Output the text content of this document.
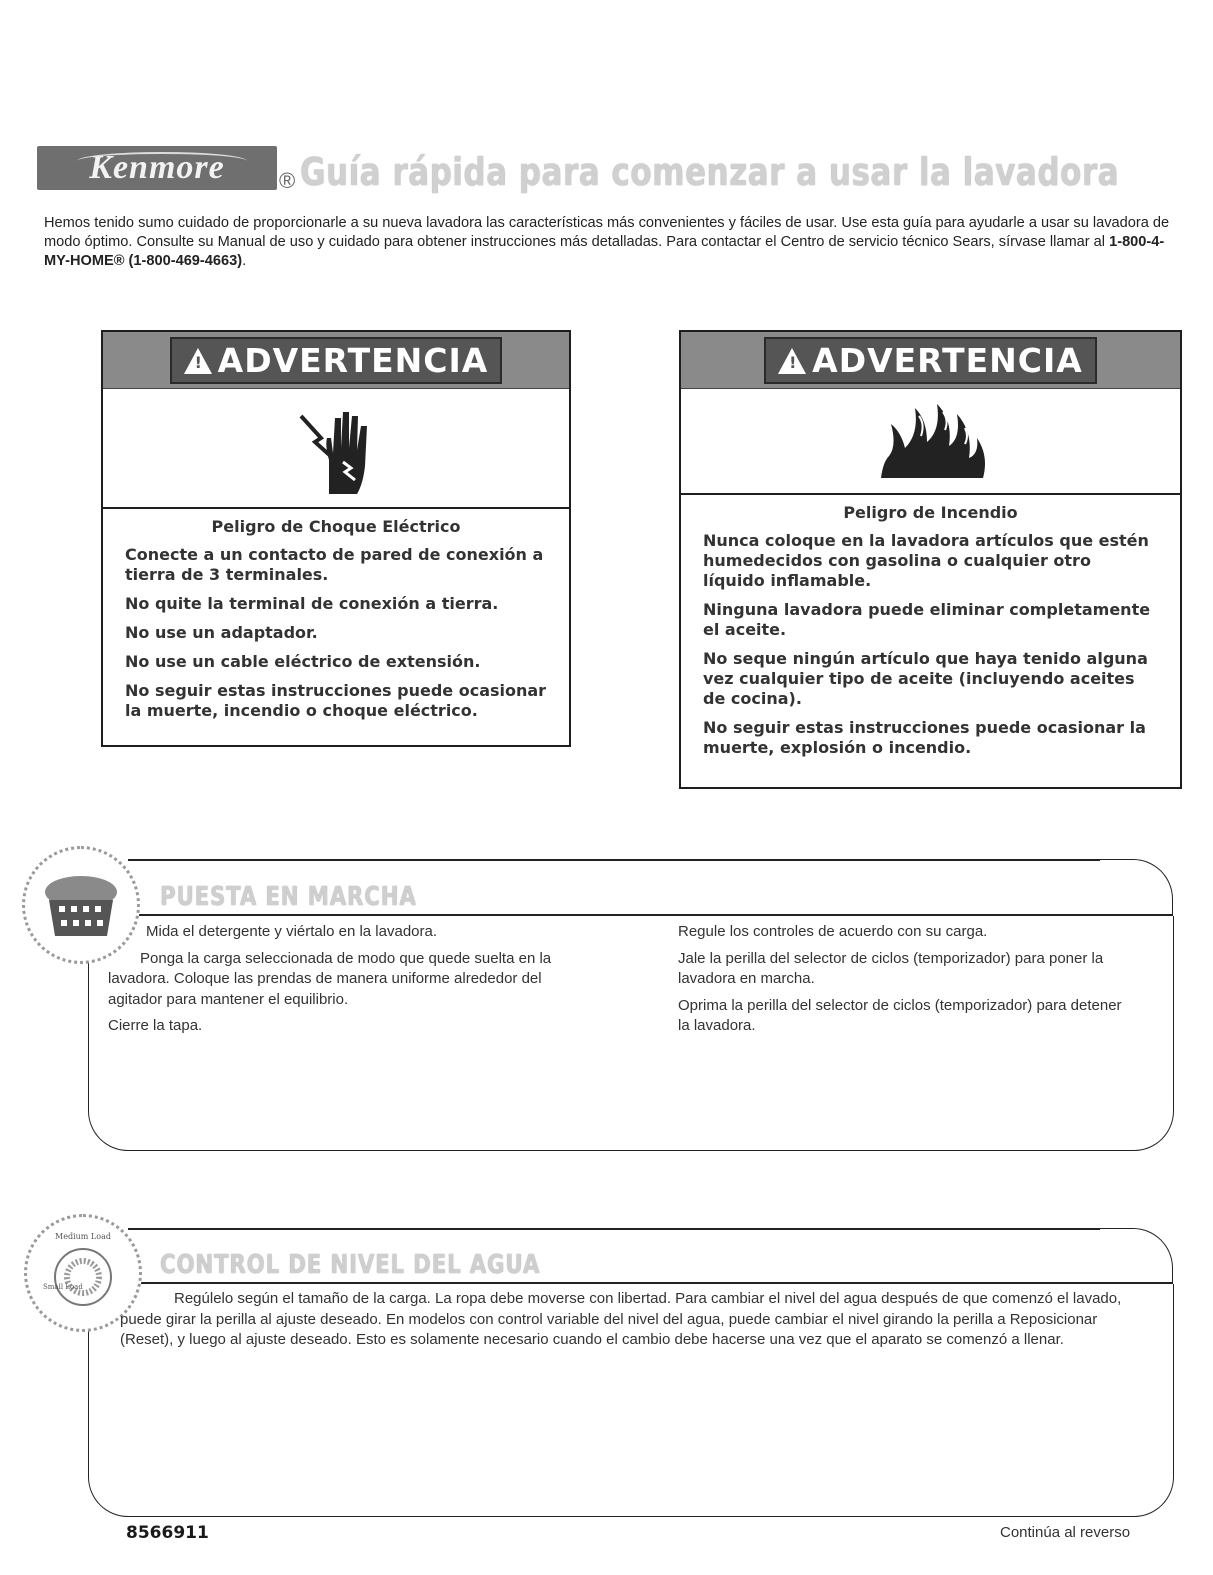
Kenmore ® Guía rápida para comenzar a usar la lavadora
Hemos tenido sumo cuidado de proporcionarle a su nueva lavadora las características más convenientes y fáciles de usar. Use esta guía para ayudarle a usar su lavadora de modo óptimo. Consulte su Manual de uso y cuidado para obtener instrucciones más detalladas. Para contactar el Centro de servicio técnico Sears, sírvase llamar al 1-800-4-MY-HOME® (1-800-469-4663).
!ADVERTENCIA
Peligro de Choque Eléctrico

Conecte a un contacto de pared de conexión a tierra de 3 terminales.

No quite la terminal de conexión a tierra.

No use un adaptador.

No use un cable eléctrico de extensión.

No seguir estas instrucciones puede ocasionar la muerte, incendio o choque eléctrico.

!ADVERTENCIA
Peligro de Incendio

Nunca coloque en la lavadora artículos que estén humedecidos con gasolina o cualquier otro líquido inflamable.

Ninguna lavadora puede eliminar completamente el aceite.

No seque ningún artículo que haya tenido alguna vez cualquier tipo de aceite (incluyendo aceites de cocina).

No seguir estas instrucciones puede ocasionar la muerte, explosión o incendio.

PUESTA EN MARCHA

Mida el detergente y viértalo en la lavadora.

Ponga la carga seleccionada de modo que quede suelta en la lavadora. Coloque las prendas de manera uniforme alrededor del agitador para mantener el equilibrio.

Cierre la tapa.

Regule los controles de acuerdo con su carga.

Jale la perilla del selector de ciclos (temporizador) para poner la lavadora en marcha.

Oprima la perilla del selector de ciclos (temporizador) para detener la lavadora.

Medium Load
Small Load
CONTROL DE NIVEL DEL AGUA
Regúlelo según el tamaño de la carga. La ropa debe moverse con libertad. Para cambiar el nivel del agua después de que comenzó el lavado, puede girar la perilla al ajuste deseado. En modelos con control variable del nivel del agua, puede cambiar el nivel girando la perilla a Reposicionar (Reset), y luego al ajuste deseado. Esto es solamente necesario cuando el cambio debe hacerse una vez que el aparato se comenzó a llenar.
8566911	Continúa al reverso
